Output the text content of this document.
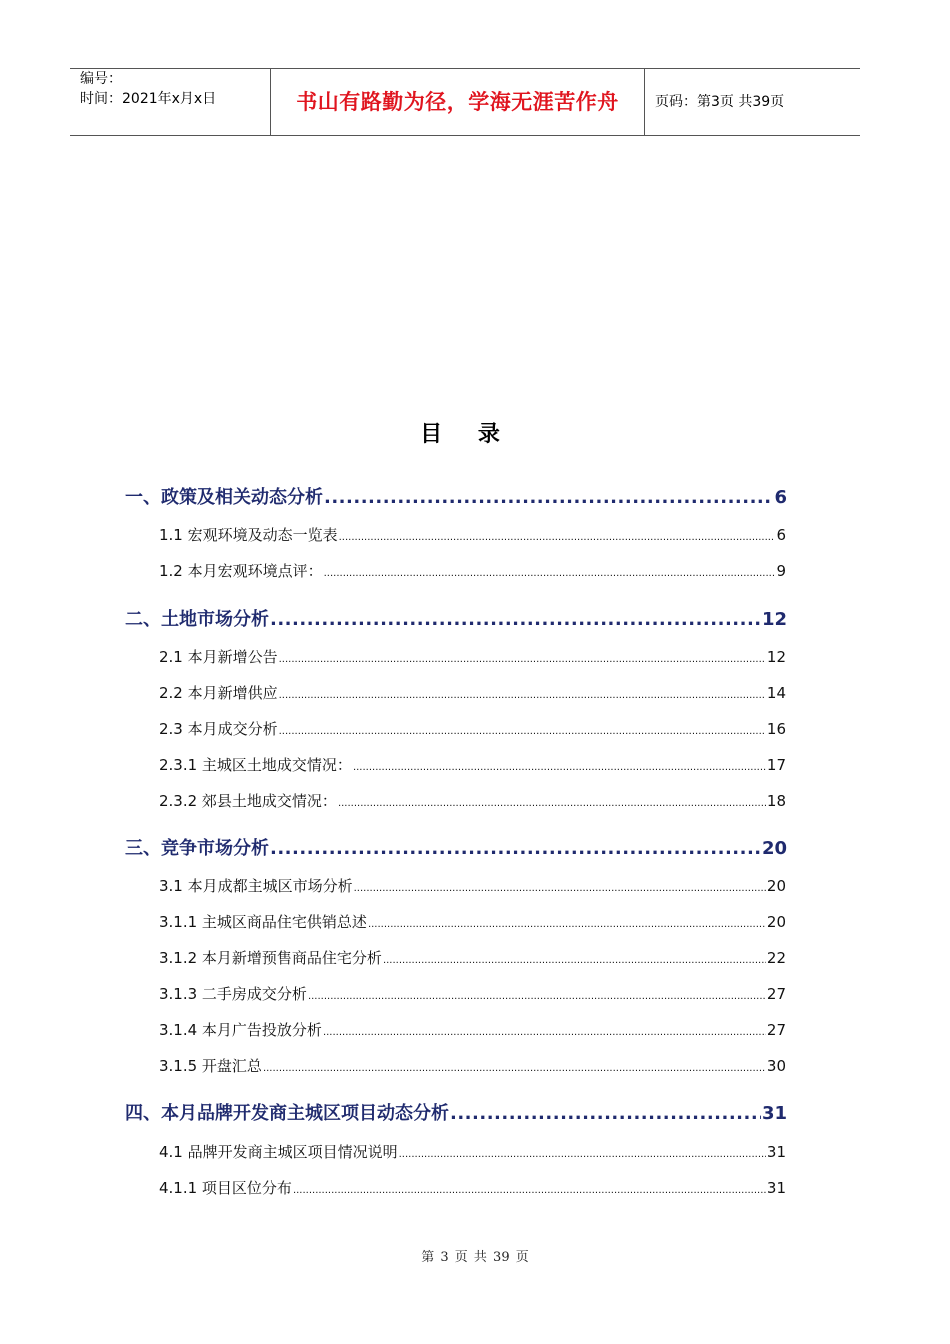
编号：
时间：2021年x月x日	书山有路勤为径，学海无涯苦作舟	页码：第3页 共39页
目 录
一、政策及相关动态分析 .....	6
1.1 宏观环境及动态一览表 .....	6
1.2 本月宏观环境点评： .....	9
二、土地市场分析 .....	12
2.1 本月新增公告 .....	12
2.2 本月新增供应 .....	14
2.3 本月成交分析 .....	16
2.3.1 主城区土地成交情况： .....	17
2.3.2 郊县土地成交情况： .....	18
三、竞争市场分析 .....	20
3.1 本月成都主城区市场分析 .....	20
3.1.1 主城区商品住宅供销总述 .....	20
3.1.2 本月新增预售商品住宅分析 .....	22
3.1.3 二手房成交分析 .....	27
3.1.4 本月广告投放分析 .....	27
3.1.5 开盘汇总 .....	30
四、本月品牌开发商主城区项目动态分析 .....	31
4.1 品牌开发商主城区项目情况说明 .....	31
4.1.1 项目区位分布 .....	31
第 3 页 共 39 页
